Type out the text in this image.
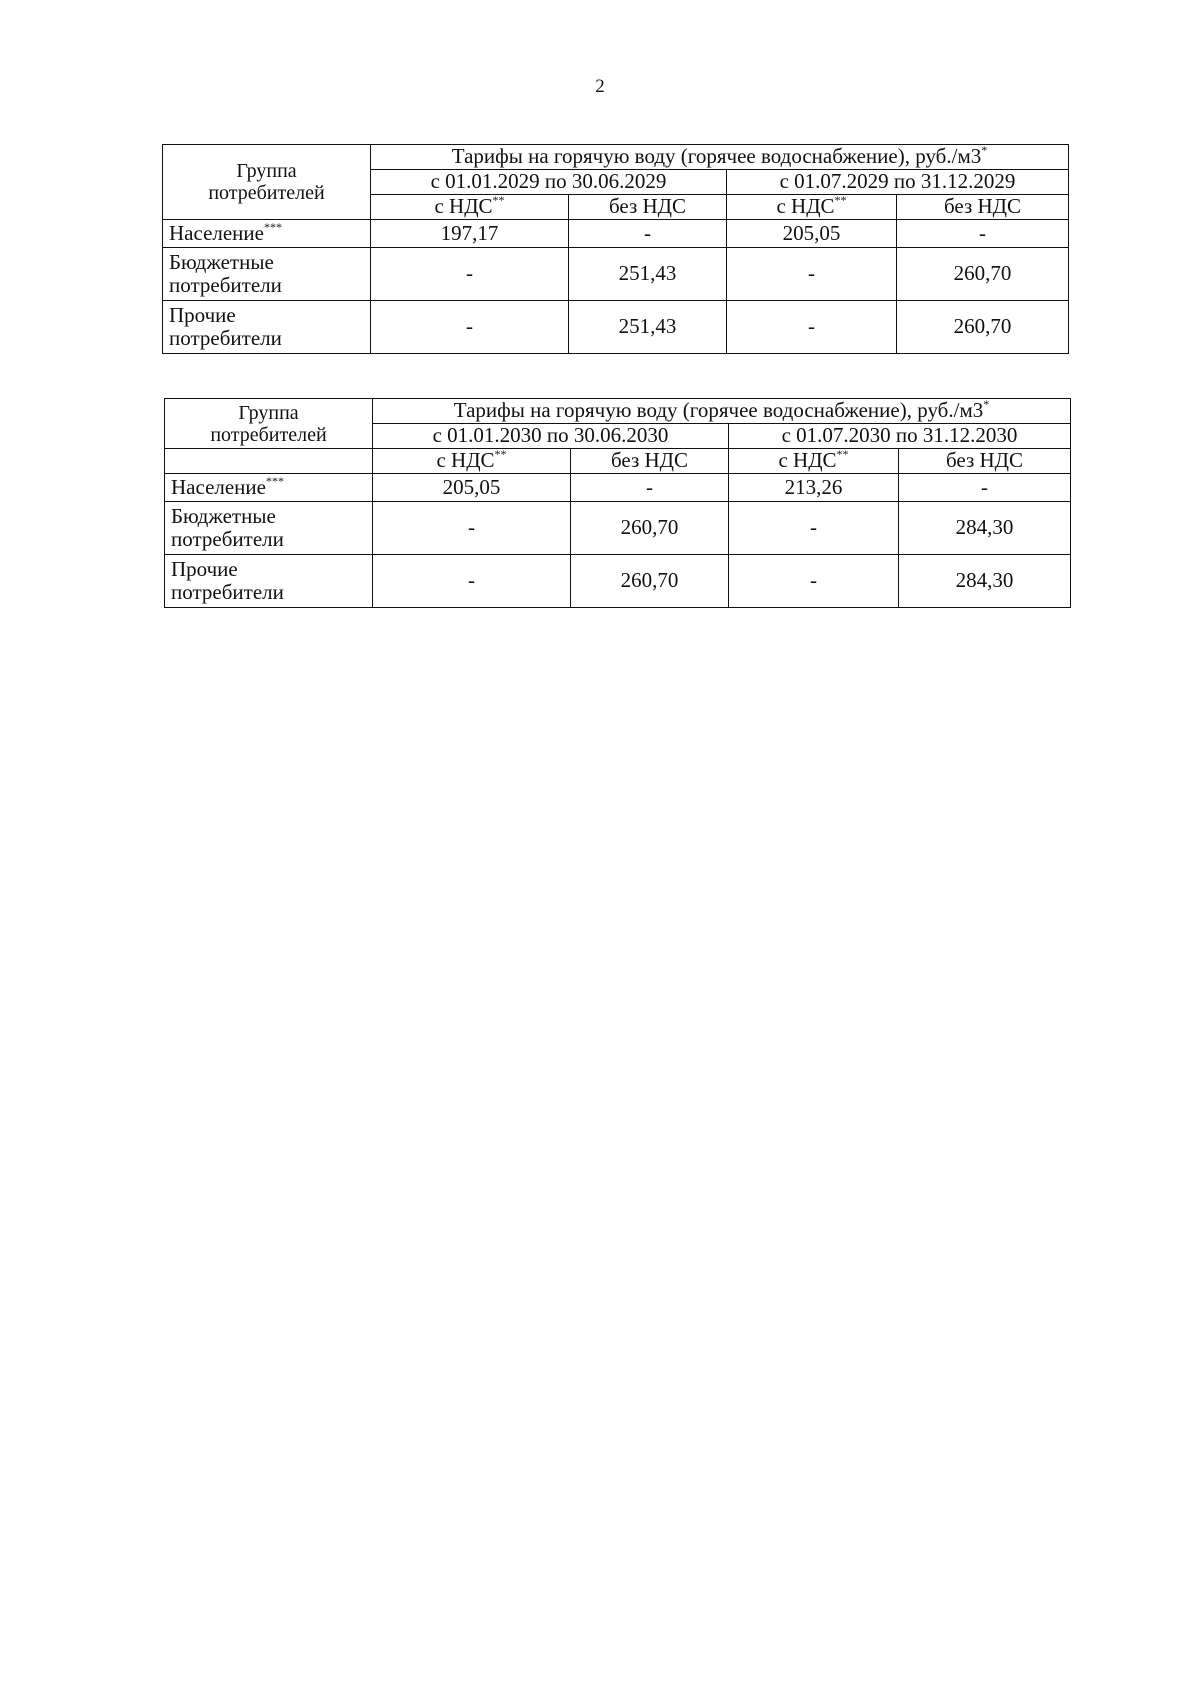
2
Группа
потребителей	Тарифы на горячую воду (горячее водоснабжение), руб./м3*
	с 01.01.2029 по 30.06.2029		с 01.07.2029 по 31.12.2029	
	с НДС**	без НДС	с НДС**	без НДС
Население***	197,17	-	205,05	-
Бюджетные
потребители	-	251,43	-	260,70
Прочие
потребители	-	251,43	-	260,70
Группа
потребителей	Тарифы на горячую воду (горячее водоснабжение), руб./м3*
	с 01.01.2030 по 30.06.2030		с 01.07.2030 по 31.12.2030	
	с НДС**	без НДС	с НДС**	без НДС
Население***	205,05	-	213,26	-
Бюджетные
потребители	-	260,70	-	284,30
Прочие
потребители	-	260,70	-	284,30
